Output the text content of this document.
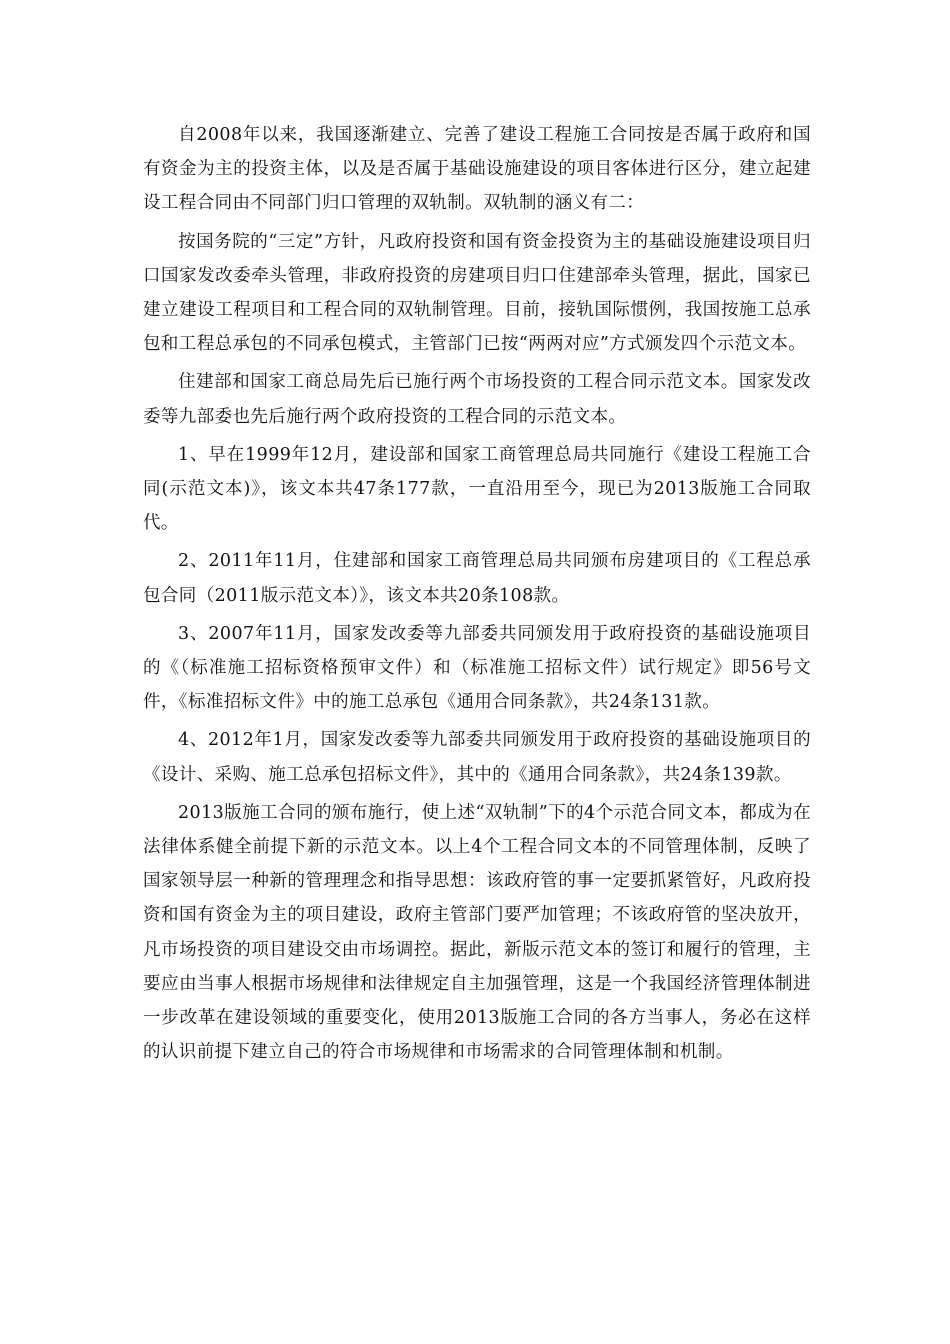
自2008年以来，我国逐渐建立、完善了建设工程施工合同按是否属于政府和国有资金为主的投资主体，以及是否属于基础设施建设的项目客体进行区分，建立起建设工程合同由不同部门归口管理的双轨制。双轨制的涵义有二：

按国务院的“三定”方针，凡政府投资和国有资金投资为主的基础设施建设项目归口国家发改委牵头管理，非政府投资的房建项目归口住建部牵头管理，据此，国家已建立建设工程项目和工程合同的双轨制管理。目前，接轨国际惯例，我国按施工总承包和工程总承包的不同承包模式，主管部门已按“两两对应”方式颁发四个示范文本。

住建部和国家工商总局先后已施行两个市场投资的工程合同示范文本。国家发改委等九部委也先后施行两个政府投资的工程合同的示范文本。

1、早在1999年12月，建设部和国家工商管理总局共同施行《建设工程施工合同(示范文本)》，该文本共47条177款，一直沿用至今，现已为2013版施工合同取代。

2、2011年11月，住建部和国家工商管理总局共同颁布房建项目的《工程总承包合同（2011版示范文本）》，该文本共20条108款。

3、2007年11月，国家发改委等九部委共同颁发用于政府投资的基础设施项目的《（标准施工招标资格预审文件）和（标准施工招标文件）试行规定》即56号文件，《标准招标文件》中的施工总承包《通用合同条款》，共24条131款。

4、2012年1月，国家发改委等九部委共同颁发用于政府投资的基础设施项目的《设计、采购、施工总承包招标文件》，其中的《通用合同条款》，共24条139款。

2013版施工合同的颁布施行，使上述“双轨制”下的4个示范合同文本，都成为在法律体系健全前提下新的示范文本。以上4个工程合同文本的不同管理体制，反映了国家领导层一种新的管理理念和指导思想：该政府管的事一定要抓紧管好，凡政府投资和国有资金为主的项目建设，政府主管部门要严加管理；不该政府管的坚决放开，凡市场投资的项目建设交由市场调控。据此，新版示范文本的签订和履行的管理，主要应由当事人根据市场规律和法律规定自主加强管理，这是一个我国经济管理体制进一步改革在建设领域的重要变化，使用2013版施工合同的各方当事人，务必在这样的认识前提下建立自己的符合市场规律和市场需求的合同管理体制和机制。
